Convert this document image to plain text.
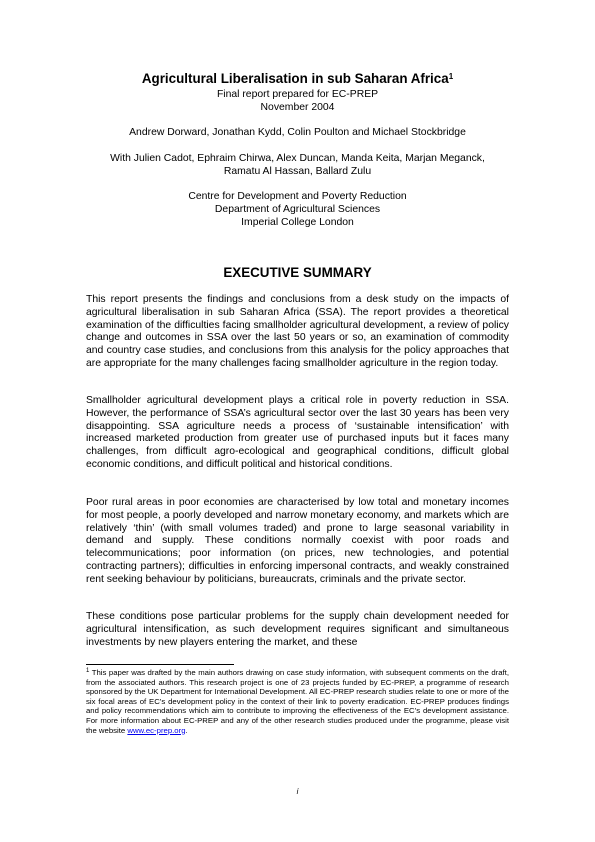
Agricultural Liberalisation in sub Saharan Africa$^1$
Final report prepared for EC-PREP
November 2004
Andrew Dorward, Jonathan Kydd, Colin Poulton and Michael Stockbridge
With Julien Cadot, Ephraim Chirwa, Alex Duncan, Manda Keita, Marjan Meganck,
Ramatu Al Hassan, Ballard Zulu
Centre for Development and Poverty Reduction
Department of Agricultural Sciences
Imperial College London
EXECUTIVE SUMMARY

This report presents the findings and conclusions from a desk study on the impacts of agricultural liberalisation in sub Saharan Africa (SSA). The report provides a theoretical examination of the difficulties facing smallholder agricultural development, a review of policy change and outcomes in SSA over the last 50 years or so, an examination of commodity and country case studies, and conclusions from this analysis for the policy approaches that are appropriate for the many challenges facing smallholder agriculture in the region today.

Smallholder agricultural development plays a critical role in poverty reduction in SSA. However, the performance of SSA’s agricultural sector over the last 30 years has been very disappointing. SSA agriculture needs a process of ‘sustainable intensification’ with increased marketed production from greater use of purchased inputs but it faces many challenges, from difficult agro-ecological and geographical conditions, difficult global economic conditions, and difficult political and historical conditions.

Poor rural areas in poor economies are characterised by low total and monetary incomes for most people, a poorly developed and narrow monetary economy, and markets which are relatively ‘thin’ (with small volumes traded) and prone to large seasonal variability in demand and supply. These conditions normally coexist with poor roads and telecommunications; poor information (on prices, new technologies, and potential contracting partners); difficulties in enforcing impersonal contracts, and weakly constrained rent seeking behaviour by politicians, bureaucrats, criminals and the private sector.

These conditions pose particular problems for the supply chain development needed for agricultural intensification, as such development requires significant and simultaneous investments by new players entering the market, and these

$^1$ This paper was drafted by the main authors drawing on case study information, with subsequent comments on the draft, from the associated authors. This research project is one of 23 projects funded by EC-PREP, a programme of research sponsored by the UK Department for International Development. All EC-PREP research studies relate to one or more of the six focal areas of EC’s development policy in the context of their link to poverty eradication. EC-PREP produces findings and policy recommendations which aim to contribute to improving the effectiveness of the EC’s development assistance. For more information about EC-PREP and any of the other research studies produced under the programme, please visit the website www.ec-prep.org.

i
